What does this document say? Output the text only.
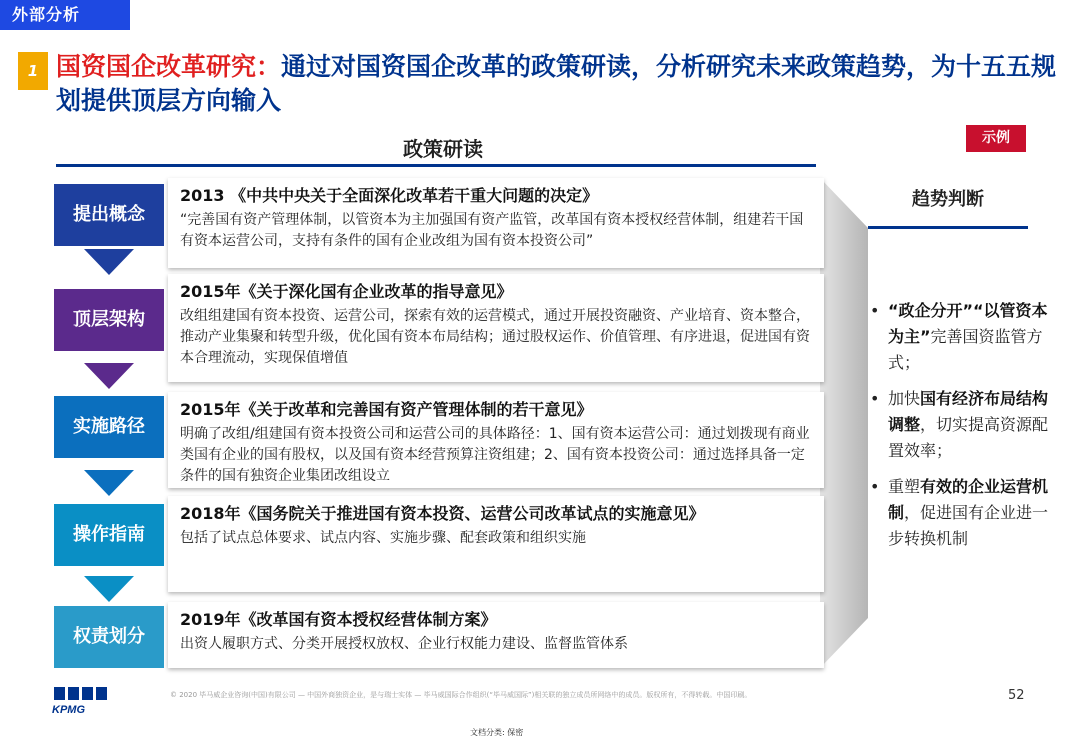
外部分析
1 国资国企改革研究：通过对国资国企改革的政策研读，分析研究未来政策趋势，为十五五规划提供顶层方向输入
政策研读	示例
2013 《中共中央关于全面深化改革若干重大问题的决定》
“完善国有资产管理体制，以管资本为主加强国有资产监管，改革国有资本授权经营体制，组建若干国有资本运营公司，支持有条件的国有企业改组为国有资本投资公司”
2015年《关于深化国有企业改革的指导意见》
改组组建国有资本投资、运营公司，探索有效的运营模式，通过开展投资融资、产业培育、资本整合，推动产业集聚和转型升级，优化国有资本布局结构；通过股权运作、价值管理、有序进退，促进国有资本合理流动，实现保值增值
2015年《关于改革和完善国有资产管理体制的若干意见》
明确了改组/组建国有资本投资公司和运营公司的具体路径：1、国有资本运营公司：通过划拨现有商业类国有企业的国有股权，以及国有资本经营预算注资组建；2、国有资本投资公司：通过选择具备一定条件的国有独资企业集团改组设立
2018年《国务院关于推进国有资本投资、运营公司改革试点的实施意见》
包括了试点总体要求、试点内容、实施步骤、配套政策和组织实施
2019年《改革国有资本授权经营体制方案》
出资人履职方式、分类开展授权放权、企业行权能力建设、监督监管体系
提出概念
顶层架构
实施路径
操作指南
权责划分
趋势判断
• “政企分开”“以管资本为主”完善国资监管方式；
• 加快国有经济布局结构调整，切实提高资源配置效率；
• 重塑有效的企业运营机制，促进国有企业进一步转换机制
KPMG
© 2020 毕马威企业咨询(中国)有限公司 — 中国外商独资企业，是与瑞士实体 — 毕马威国际合作组织(“毕马威国际”)相关联的独立成员所网络中的成员。版权所有，不得转载。中国印刷。	52
文档分类: 保密
